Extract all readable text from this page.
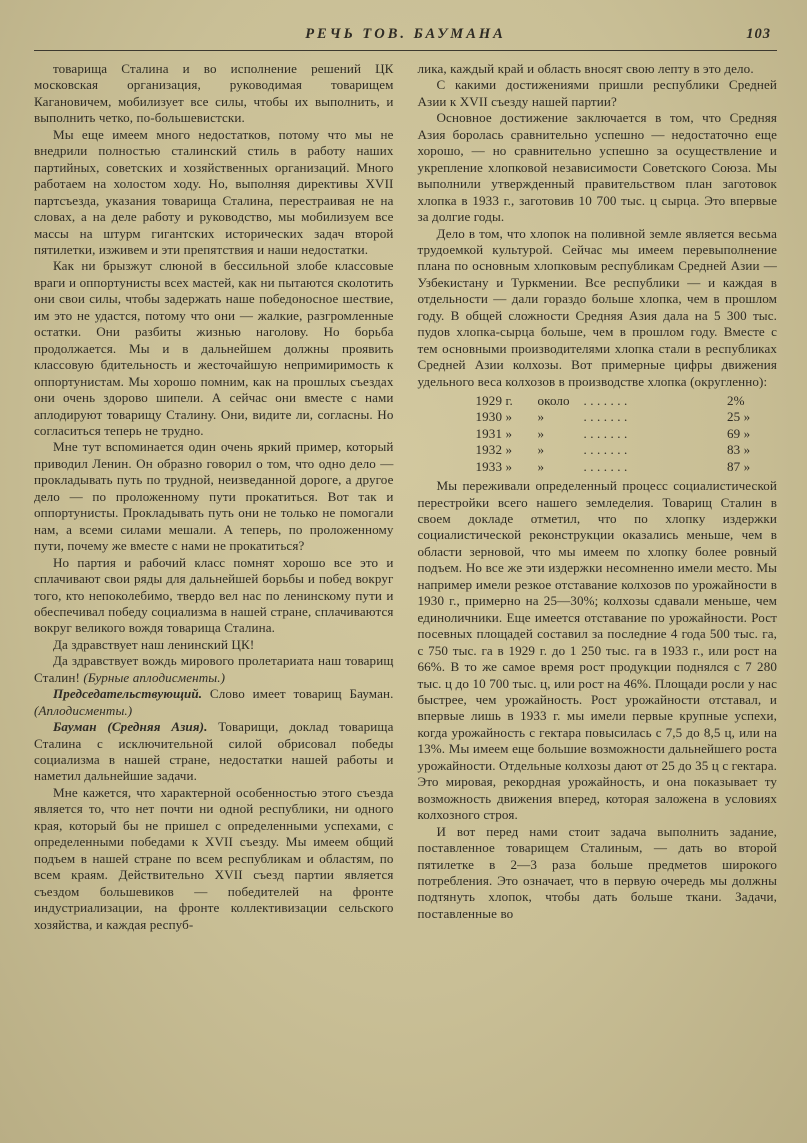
РЕЧЬ ТОВ. БАУМАНА	103

товарища Сталина и во исполнение решений ЦК московская организация, руководимая товарищем Кагановичем, мобилизует все силы, чтобы их выполнить, и выполнить четко, по-большевистски.

Мы еще имеем много недостатков, потому что мы не внедрили полностью сталинский стиль в работу наших партийных, советских и хозяйственных организаций. Много работаем на холостом ходу. Но, выполняя директивы XVII партсъезда, указания товарища Сталина, перестраивая не на словах, а на деле работу и руководство, мы мобилизуем все массы на штурм гигантских исторических задач второй пятилетки, изживем и эти препятствия и наши недостатки.

Как ни брызжут слюной в бессильной злобе классовые враги и оппортунисты всех мастей, как ни пытаются сколотить они свои силы, чтобы задержать наше победоносное шествие, им это не удастся, потому что они — жалкие, разгромленные остатки. Они разбиты жизнью наголову. Но борьба продолжается. Мы и в дальнейшем должны проявить классовую бдительность и жесточайшую непримиримость к оппортунистам. Мы хорошо помним, как на прошлых съездах они очень здорово шипели. А сейчас они вместе с нами аплодируют товарищу Сталину. Они, видите ли, согласны. Но согласиться теперь не трудно.

Мне тут вспоминается один очень яркий пример, который приводил Ленин. Он образно говорил о том, что одно дело — прокладывать путь по трудной, неизведанной дороге, а другое дело — по проложенному пути прокатиться. Вот так и оппортунисты. Прокладывать путь они не только не помогали нам, а всеми силами мешали. А теперь, по проложенному пути, почему же вместе с нами не прокатиться?

Но партия и рабочий класс помнят хорошо все это и сплачивают свои ряды для дальнейшей борьбы и побед вокруг того, кто непоколебимо, твердо вел нас по ленинскому пути и обеспечивал победу социализма в нашей стране, сплачиваются вокруг великого вождя товарища Сталина.

Да здравствует наш ленинский ЦК!

Да здравствует вождь мирового пролетариата наш товарищ Сталин! (Бурные аплодисменты.)

Председательствующий. Слово имеет товарищ Бауман. (Аплодисменты.)

Бауман (Средняя Азия). Товарищи, доклад товарища Сталина с исключительной силой обрисовал победы социализма в нашей стране, недостатки нашей работы и наметил дальнейшие задачи.

Мне кажется, что характерной особенностью этого съезда является то, что нет почти ни одной республики, ни одного края, который бы не пришел с определенными успехами, с определенными победами к XVII съезду. Мы имеем общий подъем в нашей стране по всем республикам и областям, по всем краям. Действительно XVII съезд партии является съездом большевиков — победителей на фронте индустриализации, на фронте коллективизации сельского хозяйства, и каждая респуб-

лика, каждый край и область вносят свою лепту в это дело.

С какими достижениями пришли республики Средней Азии к XVII съезду нашей партии?

Основное достижение заключается в том, что Средняя Азия боролась сравнительно успешно — недостаточно еще хорошо, — но сравнительно успешно за осуществление и укрепление хлопковой независимости Советского Союза. Мы выполнили утвержденный правительством план заготовок хлопка в 1933 г., заготовив 10 700 тыс. ц сырца. Это впервые за долгие годы.

Дело в том, что хлопок на поливной земле является весьма трудоемкой культурой. Сейчас мы имеем перевыполнение плана по основным хлопковым республикам Средней Азии — Узбекистану и Туркмении. Все республики — и каждая в отдельности — дали гораздо больше хлопка, чем в прошлом году. В общей сложности Средняя Азия дала на 5 300 тыс. пудов хлопка-сырца больше, чем в прошлом году. Вместе с тем основными производителями хлопка стали в республиках Средней Азии колхозы. Вот примерные цифры движения удельного веса колхозов в производстве хлопка (округленно):

1929 г.	около	. . . . . . .	2%
1930 »	»	. . . . . . .	25 »
1931 »	»	. . . . . . .	69 »
1932 »	»	. . . . . . .	83 »
1933 »	»	. . . . . . .	87 »

Мы переживали определенный процесс социалистической перестройки всего нашего земледелия. Товарищ Сталин в своем докладе отметил, что по хлопку издержки социалистической реконструкции оказались меньше, чем в области зерновой, что мы имеем по хлопку более ровный подъем. Но все же эти издержки несомненно имели место. Мы например имели резкое отставание колхозов по урожайности в 1930 г., примерно на 25—30%; колхозы сдавали меньше, чем единоличники. Еще имеется отставание по урожайности. Рост посевных площадей составил за последние 4 года 500 тыс. га, с 750 тыс. га в 1929 г. до 1 250 тыс. га в 1933 г., или рост на 66%. В то же самое время рост продукции поднялся с 7 280 тыс. ц до 10 700 тыс. ц, или рост на 46%. Площади росли у нас быстрее, чем урожайность. Рост урожайности отставал, и впервые лишь в 1933 г. мы имели первые крупные успехи, когда урожайность с гектара повысилась с 7,5 до 8,5 ц, или на 13%. Мы имеем еще большие возможности дальнейшего роста урожайности. Отдельные колхозы дают от 25 до 35 ц с гектара. Это мировая, рекордная урожайность, и она показывает ту возможность движения вперед, которая заложена в условиях колхозного строя.

И вот перед нами стоит задача выполнить задание, поставленное товарищем Сталиным, — дать во второй пятилетке в 2—3 раза больше предметов широкого потребления. Это означает, что в первую очередь мы должны подтянуть хлопок, чтобы дать больше ткани. Задачи, поставленные во
